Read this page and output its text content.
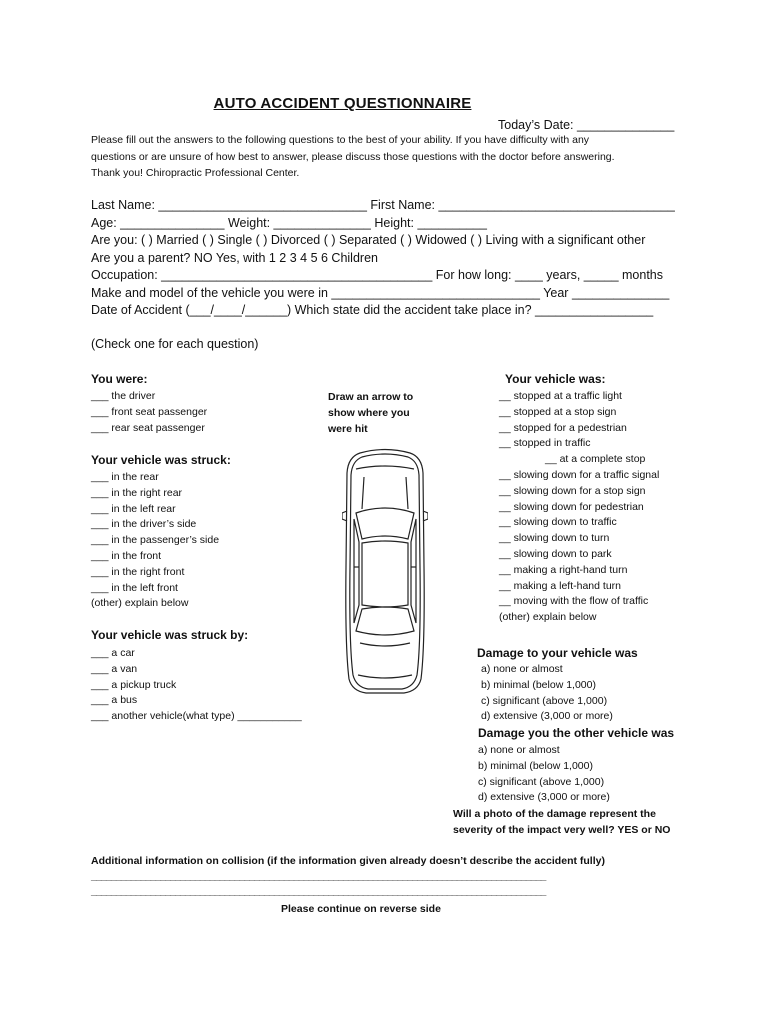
AUTO ACCIDENT QUESTIONNAIRE
Today’s Date: ______________
Please fill out the answers to the following questions to the best of your ability. If you have difficulty with any
questions or are unsure of how best to answer, please discuss those questions with the doctor before answering.
Thank you! Chiropractic Professional Center.
Last Name: ______________________________ First Name: __________________________________
Age: _______________ Weight: ______________ Height: __________
Are you: ( ) Married ( ) Single ( ) Divorced ( ) Separated ( ) Widowed ( ) Living with a significant other
Are you a parent? NO Yes, with 1 2 3 4 5 6 Children
Occupation: _______________________________________ For how long: ____ years, _____ months
Make and model of the vehicle you were in ______________________________ Year ______________
Date of Accident (___/____/______) Which state did the accident take place in? _________________
(Check one for each question)
You were:
___ the driver
___ front seat passenger
___ rear seat passenger
Your vehicle was struck:
___ in the rear
___ in the right rear
___ in the left rear
___ in the driver’s side
___ in the passenger’s side
___ in the front
___ in the right front
___ in the left front
(other) explain below
Your vehicle was struck by:
___ a car
___ a van
___ a pickup truck
___ a bus
___ another vehicle(what type) ___________
Draw an arrow to
show where you
were hit
Your vehicle was:
__ stopped at a traffic light
__ stopped at a stop sign
__ stopped for a pedestrian
__ stopped in traffic
__ at a complete stop
__ slowing down for a traffic signal
__ slowing down for a stop sign
__ slowing down for pedestrian
__ slowing down to traffic
__ slowing down to turn
__ slowing down to park
__ making a right-hand turn
__ making a left-hand turn
__ moving with the flow of traffic
(other) explain below
Damage to your vehicle was
a) none or almost
b) minimal (below 1,000)
c) significant (above 1,000)
d) extensive (3,000 or more)
Damage you the other vehicle was
a) none or almost
b) minimal (below 1,000)
c) significant (above 1,000)
d) extensive (3,000 or more)
Will a photo of the damage represent the
severity of the impact very well? YES or NO
Additional information on collision (if the information given already doesn’t describe the accident fully)
____________________________________________________________________________________________
____________________________________________________________________________________________
Please continue on reverse side
